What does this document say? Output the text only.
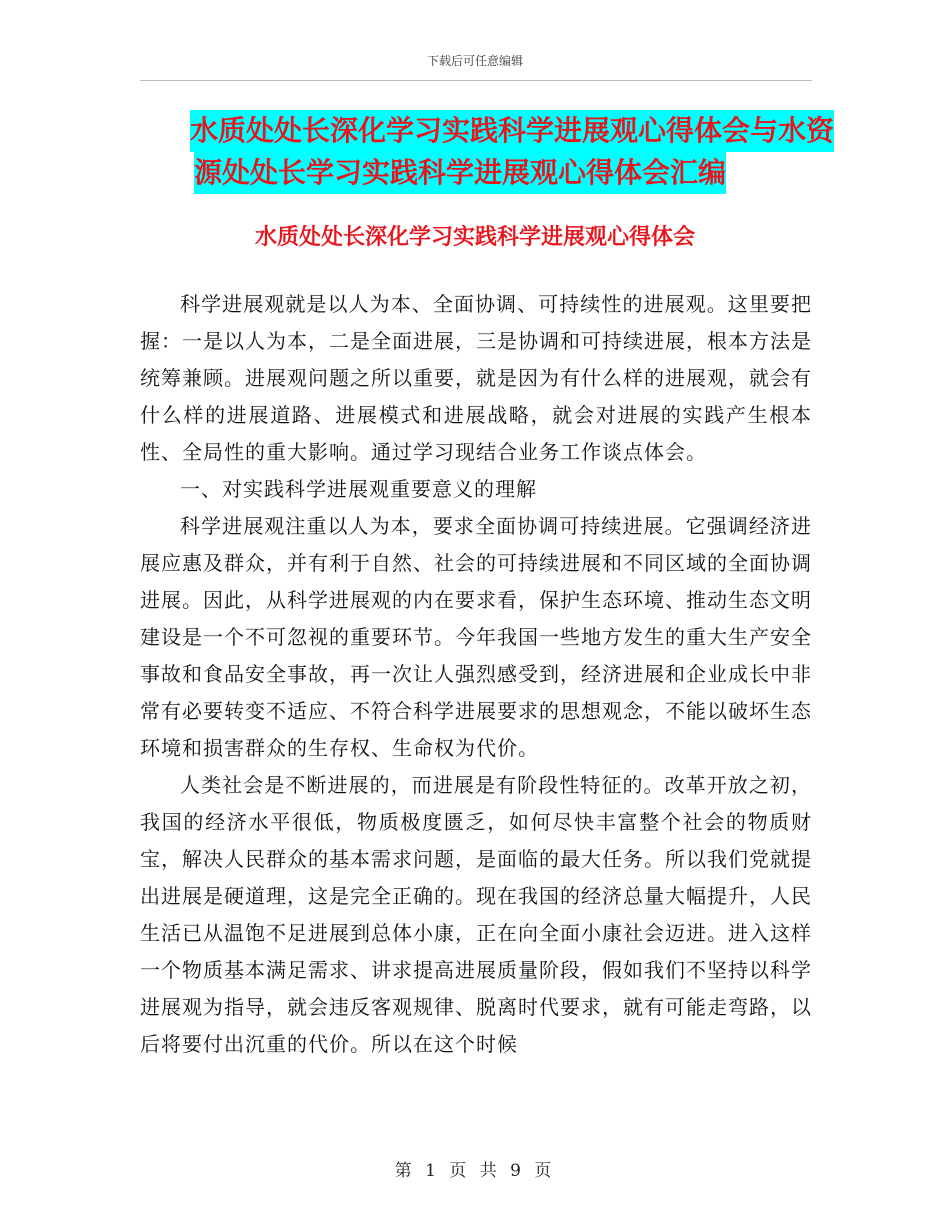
下载后可任意编辑
水质处处长深化学习实践科学进展观心得体会与水资
源处处长学习实践科学进展观心得体会汇编
水质处处长深化学习实践科学进展观心得体会

科学进展观就是以人为本、全面协调、可持续性的进展观。这里要把握：一是以人为本，二是全面进展，三是协调和可持续进展，根本方法是统筹兼顾。进展观问题之所以重要，就是因为有什么样的进展观，就会有什么样的进展道路、进展模式和进展战略，就会对进展的实践产生根本性、全局性的重大影响。通过学习现结合业务工作谈点体会。

一、对实践科学进展观重要意义的理解

科学进展观注重以人为本，要求全面协调可持续进展。它强调经济进展应惠及群众，并有利于自然、社会的可持续进展和不同区域的全面协调进展。因此，从科学进展观的内在要求看，保护生态环境、推动生态文明建设是一个不可忽视的重要环节。今年我国一些地方发生的重大生产安全事故和食品安全事故，再一次让人强烈感受到，经济进展和企业成长中非常有必要转变不适应、不符合科学进展要求的思想观念，不能以破坏生态环境和损害群众的生存权、生命权为代价。

人类社会是不断进展的，而进展是有阶段性特征的。改革开放之初，我国的经济水平很低，物质极度匮乏，如何尽快丰富整个社会的物质财宝，解决人民群众的基本需求问题，是面临的最大任务。所以我们党就提出进展是硬道理，这是完全正确的。现在我国的经济总量大幅提升，人民生活已从温饱不足进展到总体小康，正在向全面小康社会迈进。进入这样一个物质基本满足需求、讲求提高进展质量阶段，假如我们不坚持以科学进展观为指导，就会违反客观规律、脱离时代要求，就有可能走弯路，以后将要付出沉重的代价。所以在这个时候

第 1 页 共 9 页
